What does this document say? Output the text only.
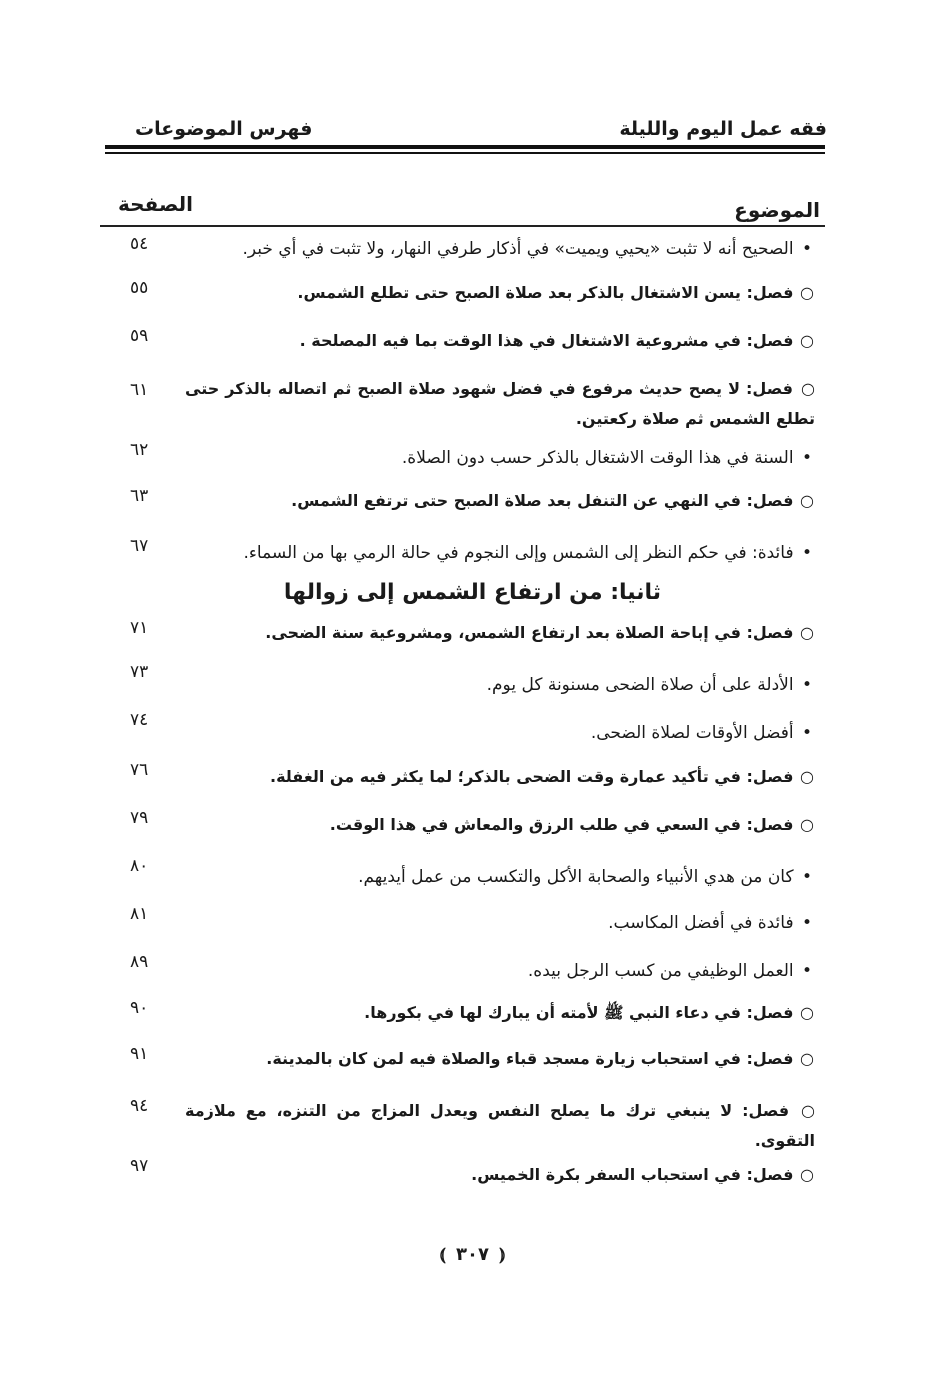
فقه عمل اليوم والليلة
فهرس الموضوعات
الموضوع
الصفحة
• الصحيح أنه لا تثبت «يحيي ويميت» في أذكار طرفي النهار، ولا تثبت في أي خبر.
٥٤
○ فصل: يسن الاشتغال بالذكر بعد صلاة الصبح حتى تطلع الشمس.
٥٥
○ فصل: في مشروعية الاشتغال في هذا الوقت بما فيه المصلحة .
٥٩
○ فصل: لا يصح حديث مرفوع في فضل شهود صلاة الصبح ثم اتصاله بالذكر حتى تطلع الشمس ثم صلاة ركعتين.
٦١
• السنة في هذا الوقت الاشتغال بالذكر حسب دون الصلاة.
٦٢
○ فصل: في النهي عن التنفل بعد صلاة الصبح حتى ترتفع الشمس.
٦٣
• فائدة: في حكم النظر إلى الشمس وإلى النجوم في حالة الرمي بها من السماء.
٦٧
ثانيا: من ارتفاع الشمس إلى زوالها
○ فصل: في إباحة الصلاة بعد ارتفاع الشمس، ومشروعية سنة الضحى.
٧١
• الأدلة على أن صلاة الضحى مسنونة كل يوم.
٧٣
• أفضل الأوقات لصلاة الضحى.
٧٤
○ فصل: في تأكيد عمارة وقت الضحى بالذكر؛ لما يكثر فيه من الغفلة.
٧٦
○ فصل: في السعي في طلب الرزق والمعاش في هذا الوقت.
٧٩
• كان من هدي الأنبياء والصحابة الأكل والتكسب من عمل أيديهم.
٨٠
• فائدة في أفضل المكاسب.
٨١
• العمل الوظيفي من كسب الرجل بيده.
٨٩
○ فصل: في دعاء النبي ﷺ لأمته أن يبارك لها في بكورها.
٩٠
○ فصل: في استحباب زيارة مسجد قباء والصلاة فيه لمن كان بالمدينة.
٩١
○ فصل: لا ينبغي ترك ما يصلح النفس ويعدل المزاج من التنزه، مع ملازمة التقوى.
٩٤
○ فصل: في استحباب السفر بكرة الخميس.
٩٧
⦅ ٣٠٧ ⦆
